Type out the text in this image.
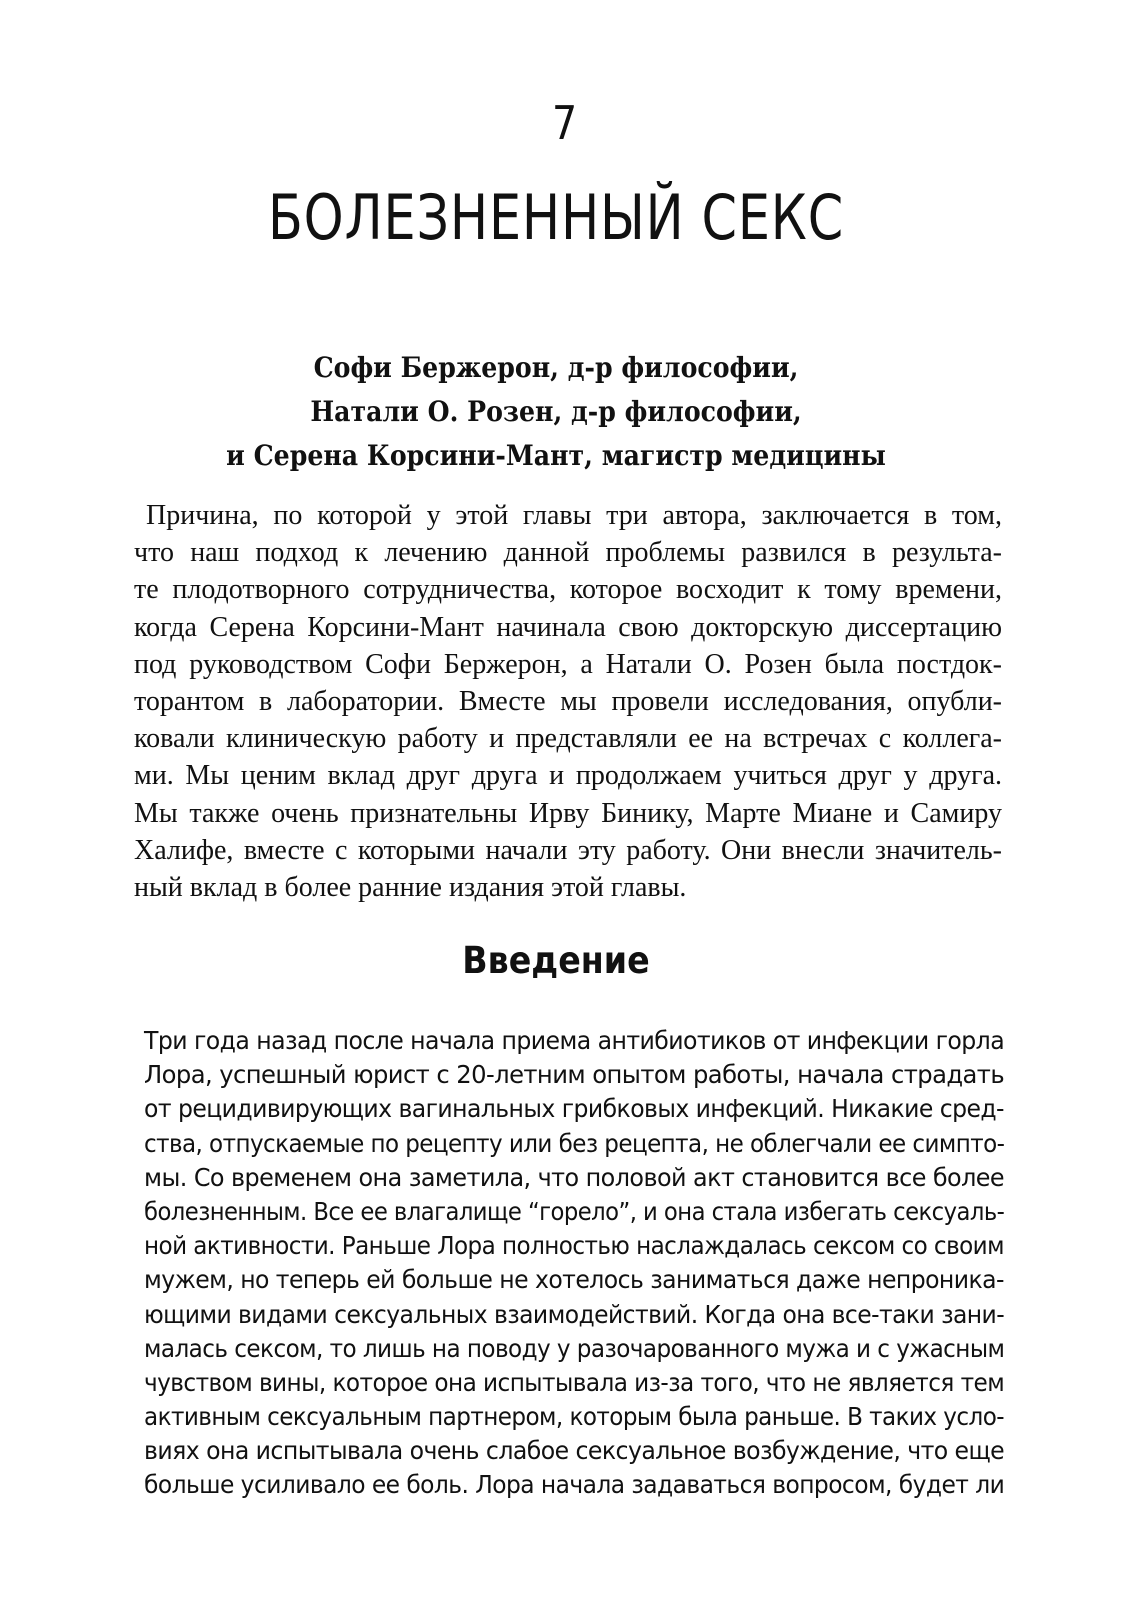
7
БОЛЕЗНЕННЫЙ СЕКС
Софи Бержерон, д-р философии,
Натали О. Розен, д-р философии,
и Серена Корсини-Мант, магистр медицины
Причина, по которой у этой главы три автора, заключается в том,
что наш подход к лечению данной проблемы развился в результа-
те плодотворного сотрудничества, которое восходит к тому времени,
когда Серена Корсини-Мант начинала свою докторскую диссертацию
под руководством Софи Бержерон, а Натали О. Розен была постдок-
торантом в лаборатории. Вместе мы провели исследования, опубли-
ковали клиническую работу и представляли ее на встречах с коллега-
ми. Мы ценим вклад друг друга и продолжаем учиться друг у друга.
Мы также очень признательны Ирву Бинику, Марте Миане и Самиру
Халифе, вместе с которыми начали эту работу. Они внесли значитель-
ный вклад в более ранние издания этой главы.
Введение
Три года назад после начала приема антибиотиков от инфекции горла
Лора, успешный юрист с 20-летним опытом работы, начала страдать
от рецидивирующих вагинальных грибковых инфекций. Никакие сред-
ства, отпускаемые по рецепту или без рецепта, не облегчали ее симпто-
мы. Со временем она заметила, что половой акт становится все более
болезненным. Все ее влагалище “горело”, и она стала избегать сексуаль-
ной активности. Раньше Лора полностью наслаждалась сексом со своим
мужем, но теперь ей больше не хотелось заниматься даже непроника-
ющими видами сексуальных взаимодействий. Когда она все-таки зани-
малась сексом, то лишь на поводу у разочарованного мужа и с ужасным
чувством вины, которое она испытывала из-за того, что не является тем
активным сексуальным партнером, которым была раньше. В таких усло-
виях она испытывала очень слабое сексуальное возбуждение, что еще
больше усиливало ее боль. Лора начала задаваться вопросом, будет ли
